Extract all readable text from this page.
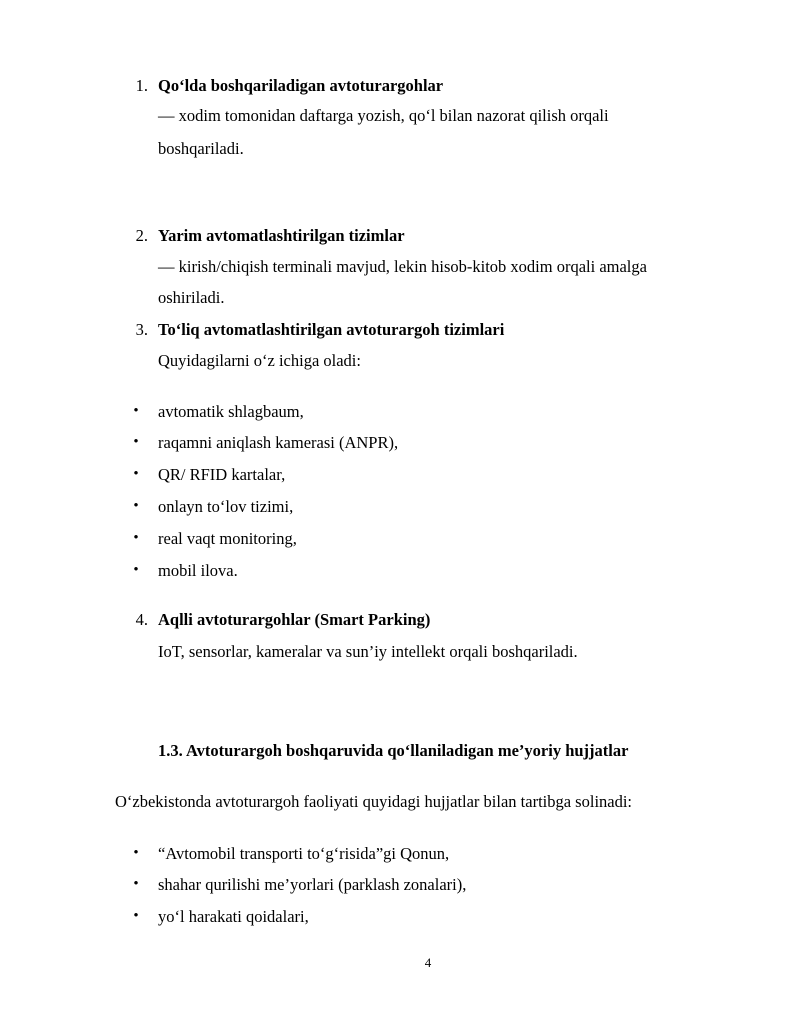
1. Qo‘lda boshqariladigan avtoturargohlar
— xodim tomonidan daftarga yozish, qo‘l bilan nazorat qilish orqali
boshqariladi.
2. Yarim avtomatlashtirilgan tizimlar
— kirish/chiqish terminali mavjud, lekin hisob-kitob xodim orqali amalga
oshiriladi.
3. To‘liq avtomatlashtirilgan avtoturargoh tizimlari
Quyidagilarni o‘z ichiga oladi:
•	avtomatik shlagbaum,
•	raqamni aniqlash kamerasi (ANPR),
•	QR/ RFID kartalar,
•	onlayn to‘lov tizimi,
•	real vaqt monitoring,
•	mobil ilova.
4. Aqlli avtoturargohlar (Smart Parking)
IoT, sensorlar, kameralar va sun’iy intellekt orqali boshqariladi.
1.3. Avtoturargoh boshqaruvida qo‘llaniladigan me’yoriy hujjatlar
O‘zbekistonda avtoturargoh faoliyati quyidagi hujjatlar bilan tartibga solinadi:
•	“Avtomobil transporti to‘g‘risida”gi Qonun,
•	shahar qurilishi me’yorlari (parklash zonalari),
•	yo‘l harakati qoidalari,
4
